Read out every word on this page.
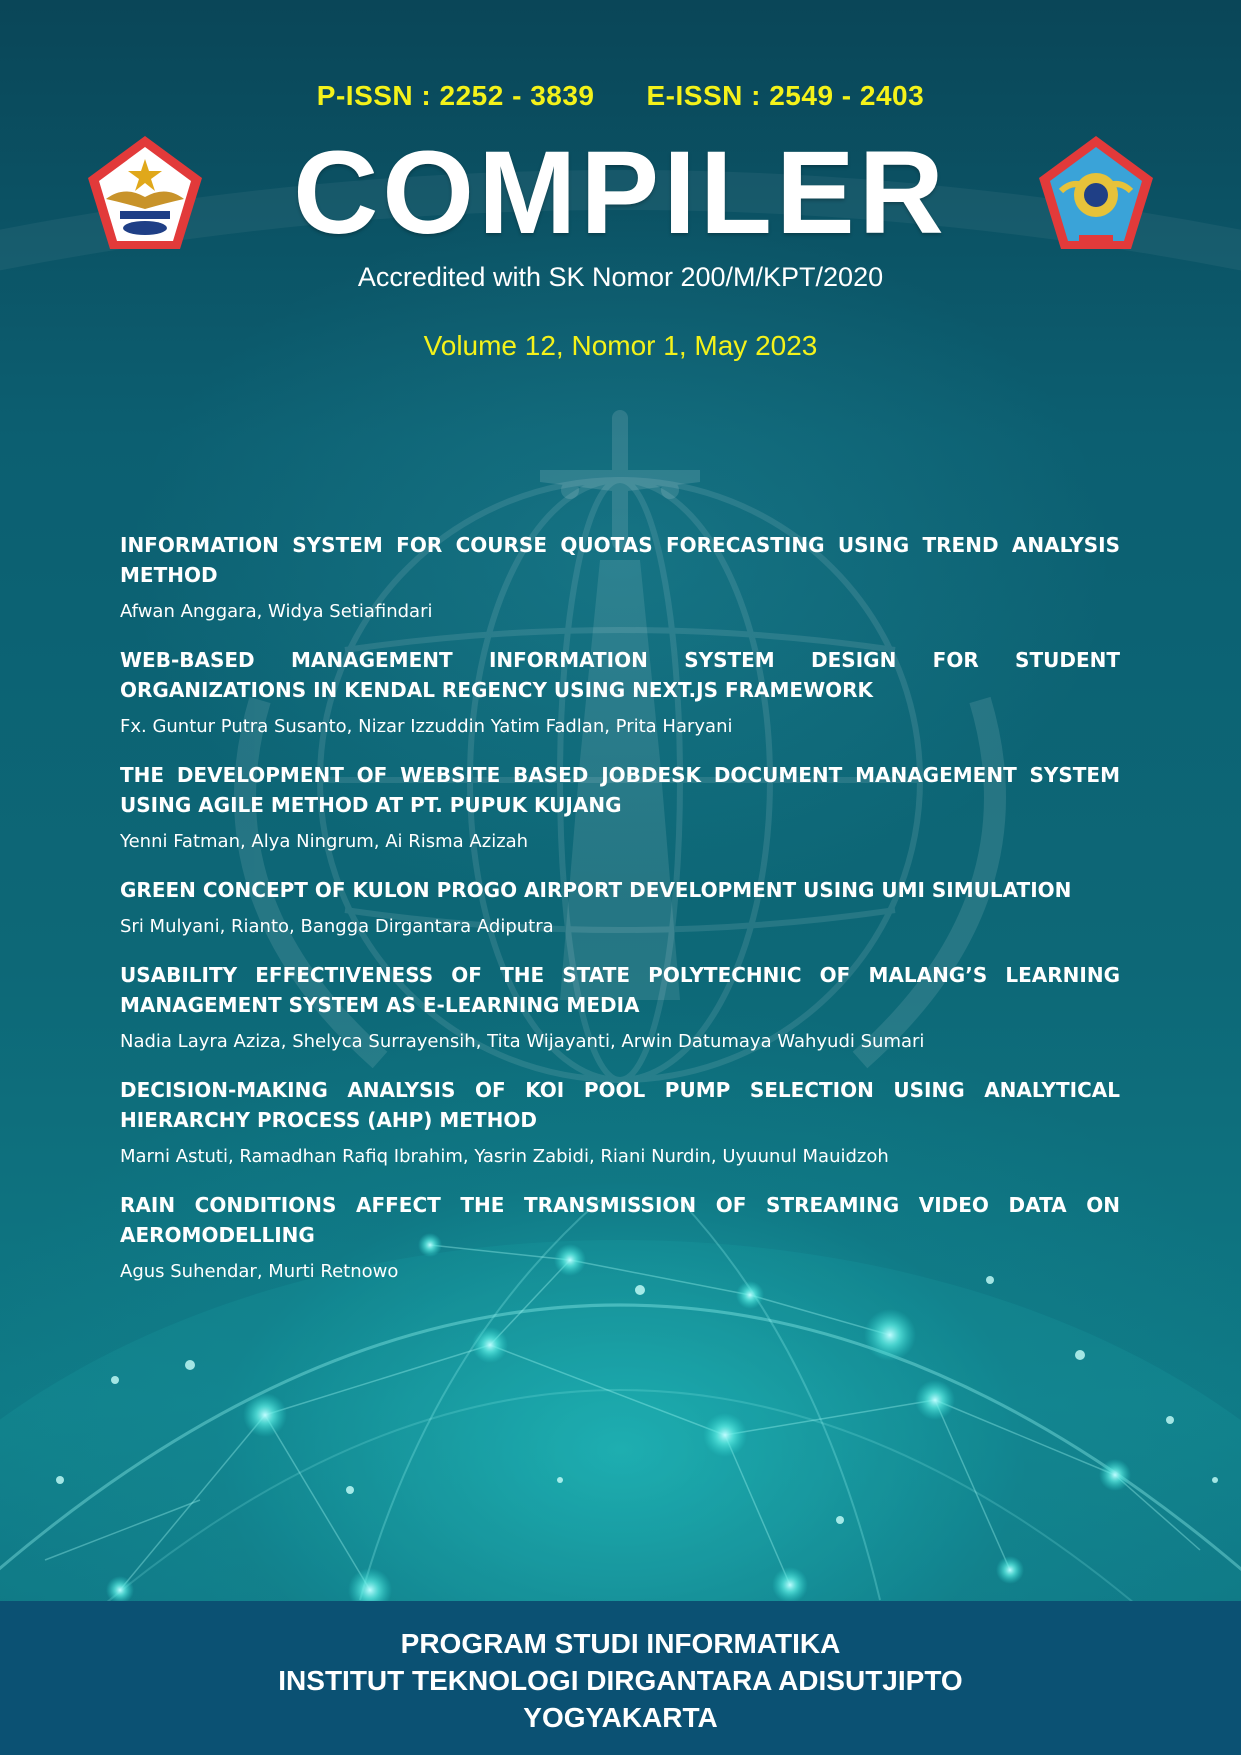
P-ISSN : 2252 - 3839 E-ISSN : 2549 - 2403
COMPILER
Accredited with SK Nomor 200/M/KPT/2020
Volume 12, Nomor 1, May 2023
INFORMATION SYSTEM FOR COURSE QUOTAS FORECASTING USING TREND ANALYSIS METHOD
Afwan Anggara, Widya Setiafindari
WEB-BASED MANAGEMENT INFORMATION SYSTEM DESIGN FOR STUDENT ORGANIZATIONS IN KENDAL REGENCY USING NEXT.JS FRAMEWORK
Fx. Guntur Putra Susanto, Nizar Izzuddin Yatim Fadlan, Prita Haryani
THE DEVELOPMENT OF WEBSITE BASED JOBDESK DOCUMENT MANAGEMENT SYSTEM USING AGILE METHOD AT PT. PUPUK KUJANG
Yenni Fatman, Alya Ningrum, Ai Risma Azizah
GREEN CONCEPT OF KULON PROGO AIRPORT DEVELOPMENT USING UMI SIMULATION
Sri Mulyani, Rianto, Bangga Dirgantara Adiputra
USABILITY EFFECTIVENESS OF THE STATE POLYTECHNIC OF MALANG’S LEARNING MANAGEMENT SYSTEM AS E-LEARNING MEDIA
Nadia Layra Aziza, Shelyca Surrayensih, Tita Wijayanti, Arwin Datumaya Wahyudi Sumari
DECISION-MAKING ANALYSIS OF KOI POOL PUMP SELECTION USING ANALYTICAL HIERARCHY PROCESS (AHP) METHOD
Marni Astuti, Ramadhan Rafiq Ibrahim, Yasrin Zabidi, Riani Nurdin, Uyuunul Mauidzoh
RAIN CONDITIONS AFFECT THE TRANSMISSION OF STREAMING VIDEO DATA ON AEROMODELLING
Agus Suhendar, Murti Retnowo
PROGRAM STUDI INFORMATIKA
INSTITUT TEKNOLOGI DIRGANTARA ADISUTJIPTO
YOGYAKARTA
